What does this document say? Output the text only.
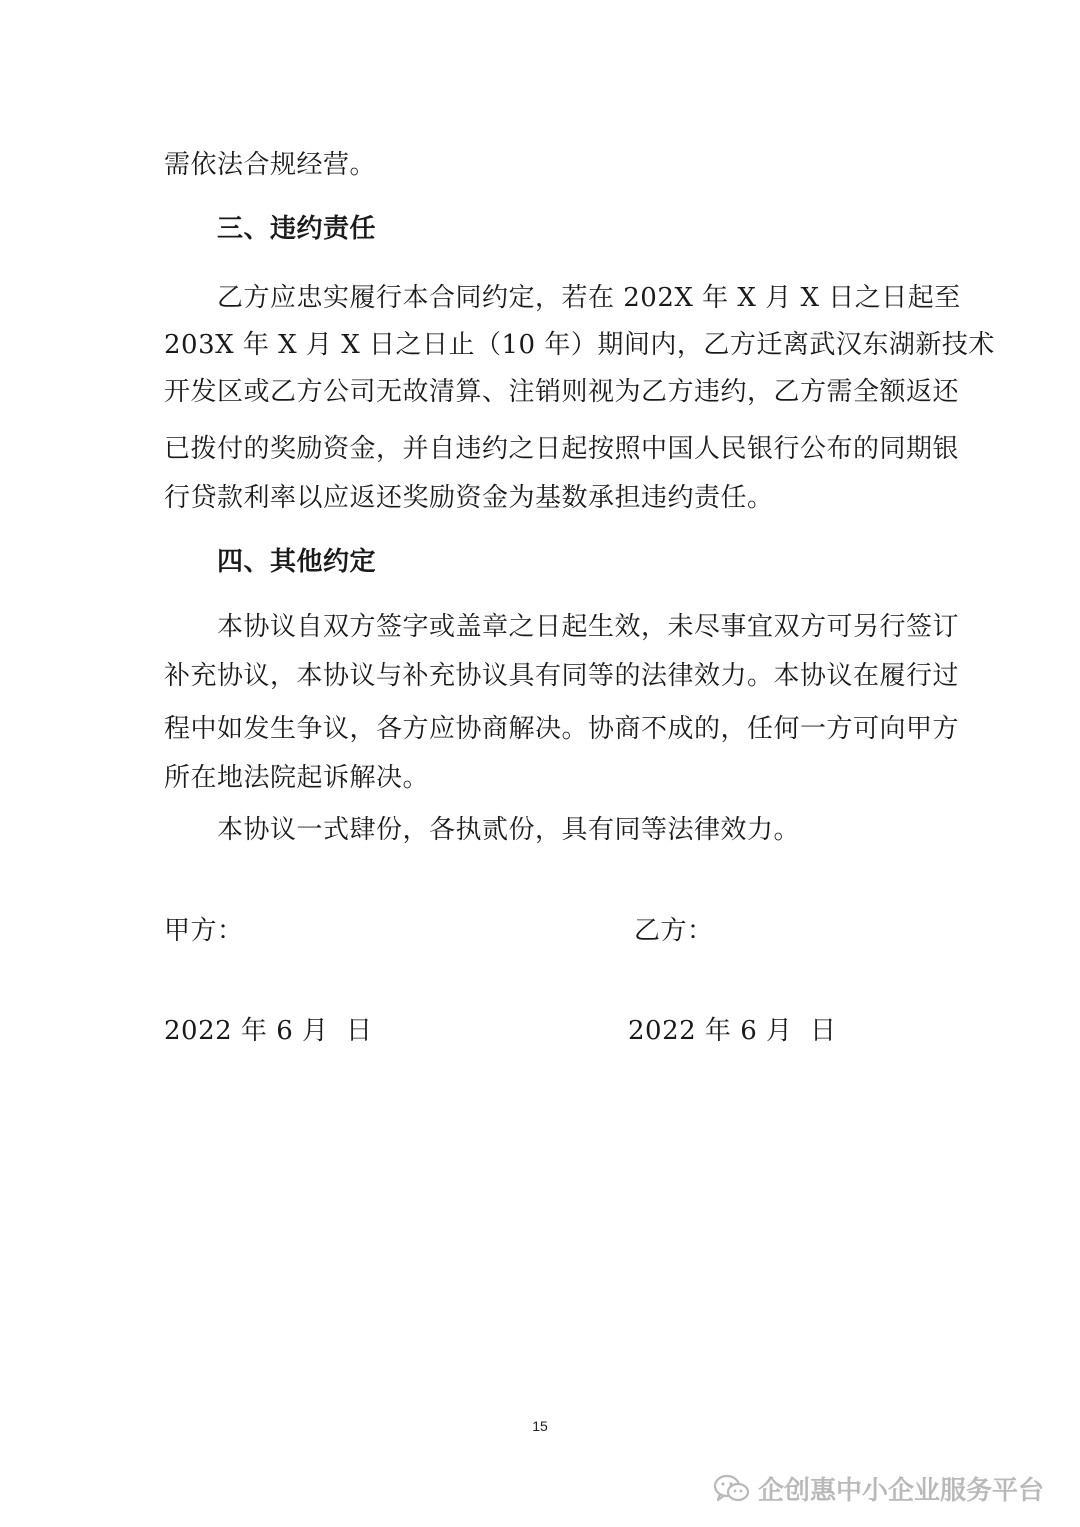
需依法合规经营。
三、违约责任
乙方应忠实履行本合同约定，若在 202X 年 X 月 X 日之日起至
203X 年 X 月 X 日之日止（10 年）期间内，乙方迁离武汉东湖新技术
开发区或乙方公司无故清算、注销则视为乙方违约，乙方需全额返还
已拨付的奖励资金，并自违约之日起按照中国人民银行公布的同期银
行贷款利率以应返还奖励资金为基数承担违约责任。
四、其他约定
本协议自双方签字或盖章之日起生效，未尽事宜双方可另行签订
补充协议，本协议与补充协议具有同等的法律效力。本协议在履行过
程中如发生争议，各方应协商解决。协商不成的，任何一方可向甲方
所在地法院起诉解决。
本协议一式肆份，各执贰份，具有同等法律效力。
甲方：	乙方：
2022 年 6 月  日	2022 年 6 月  日
15
企创惠中小企业服务平台
